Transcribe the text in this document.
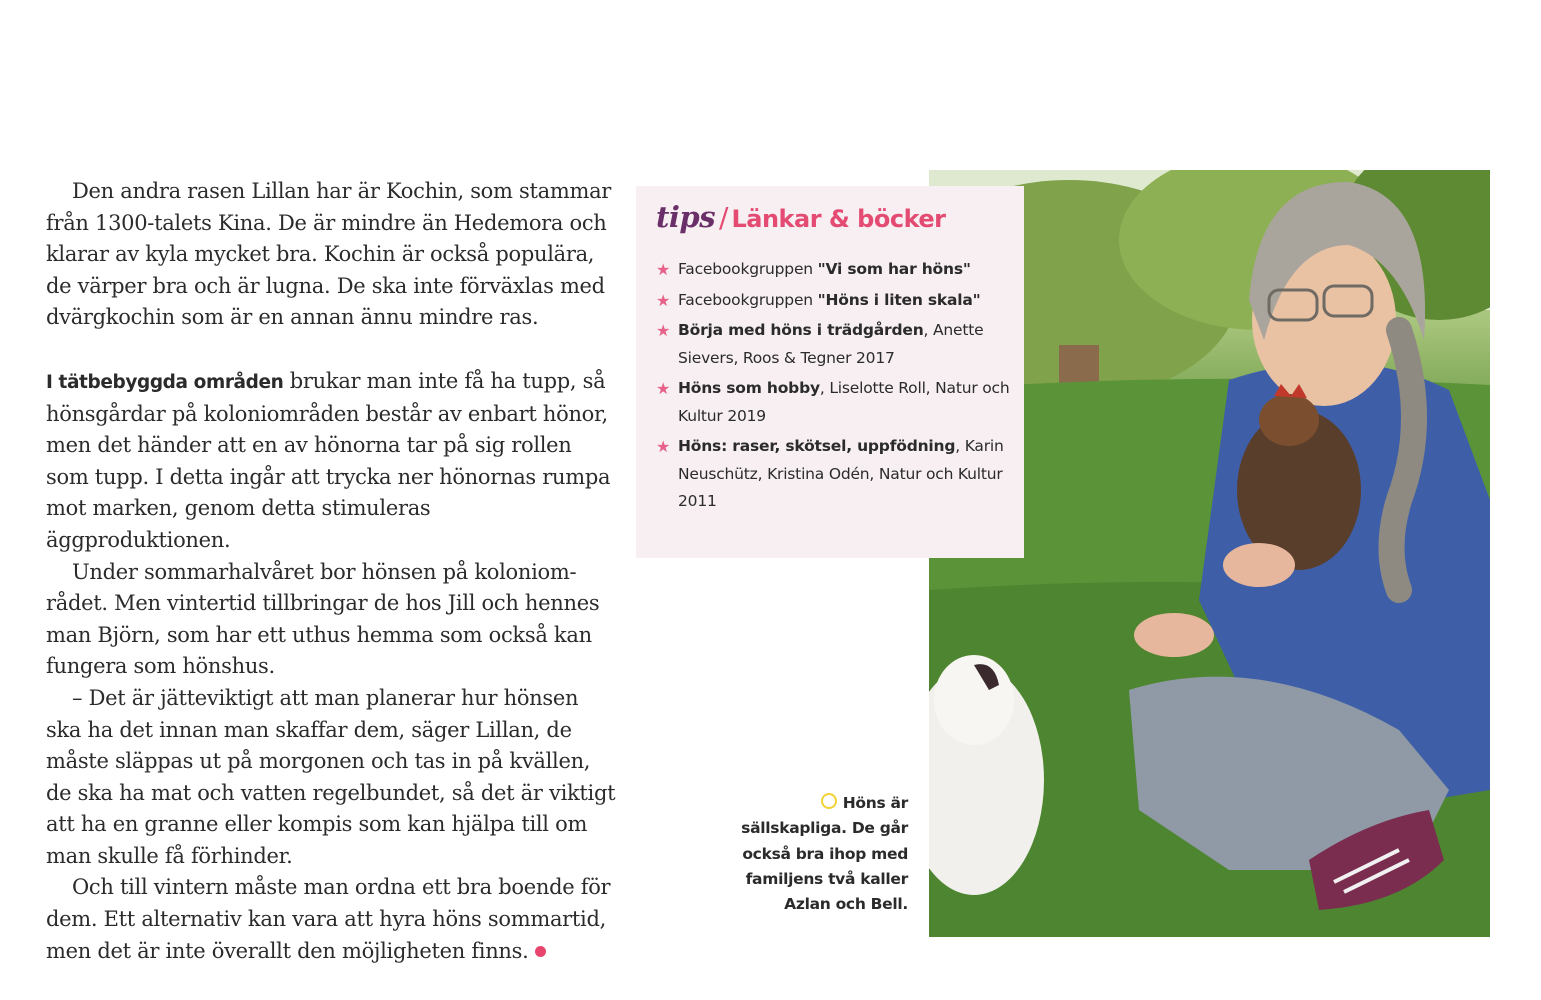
Den andra rasen Lillan har är Kochin, som stammar från 1300-talets Kina. De är mindre än Hedemora och klarar av kyla mycket bra. Kochin är också populära, de värper bra och är lugna. De ska inte förväxlas med dvärgkochin som är en annan ännu mindre ras.

I tätbebyggda områden brukar man inte få ha tupp, så hönsgårdar på koloniområden består av enbart hönor, men det händer att en av hönorna tar på sig rollen som tupp. I detta ingår att trycka ner hönornas rumpa mot marken, genom detta stimuleras äggproduktionen.

Under sommarhalvåret bor hönsen på koloniom-rådet. Men vintertid tillbringar de hos Jill och hennes man Björn, som har ett uthus hemma som också kan fungera som hönshus.

– Det är jätteviktigt att man planerar hur hönsen ska ha det innan man skaffar dem, säger Lillan, de måste släppas ut på morgonen och tas in på kvällen, de ska ha mat och vatten regelbundet, så det är viktigt att ha en granne eller kompis som kan hjälpa till om man skulle få förhinder.

Och till vintern måste man ordna ett bra boende för dem. Ett alternativ kan vara att hyra höns sommartid, men det är inte överallt den möjligheten finns.

tips / Länkar & böcker
★ Facebookgruppen "Vi som har höns"
★ Facebookgruppen "Höns i liten skala"
★ Börja med höns i trädgården, Anette Sievers, Roos & Tegner 2017
★ Höns som hobby, Liselotte Roll, Natur och Kultur 2019
★ Höns: raser, skötsel, uppfödning, Karin Neuschütz, Kristina Odén, Natur och Kultur 2011
Höns är sällskapliga. De går också bra ihop med familjens två kaller Azlan och Bell.
